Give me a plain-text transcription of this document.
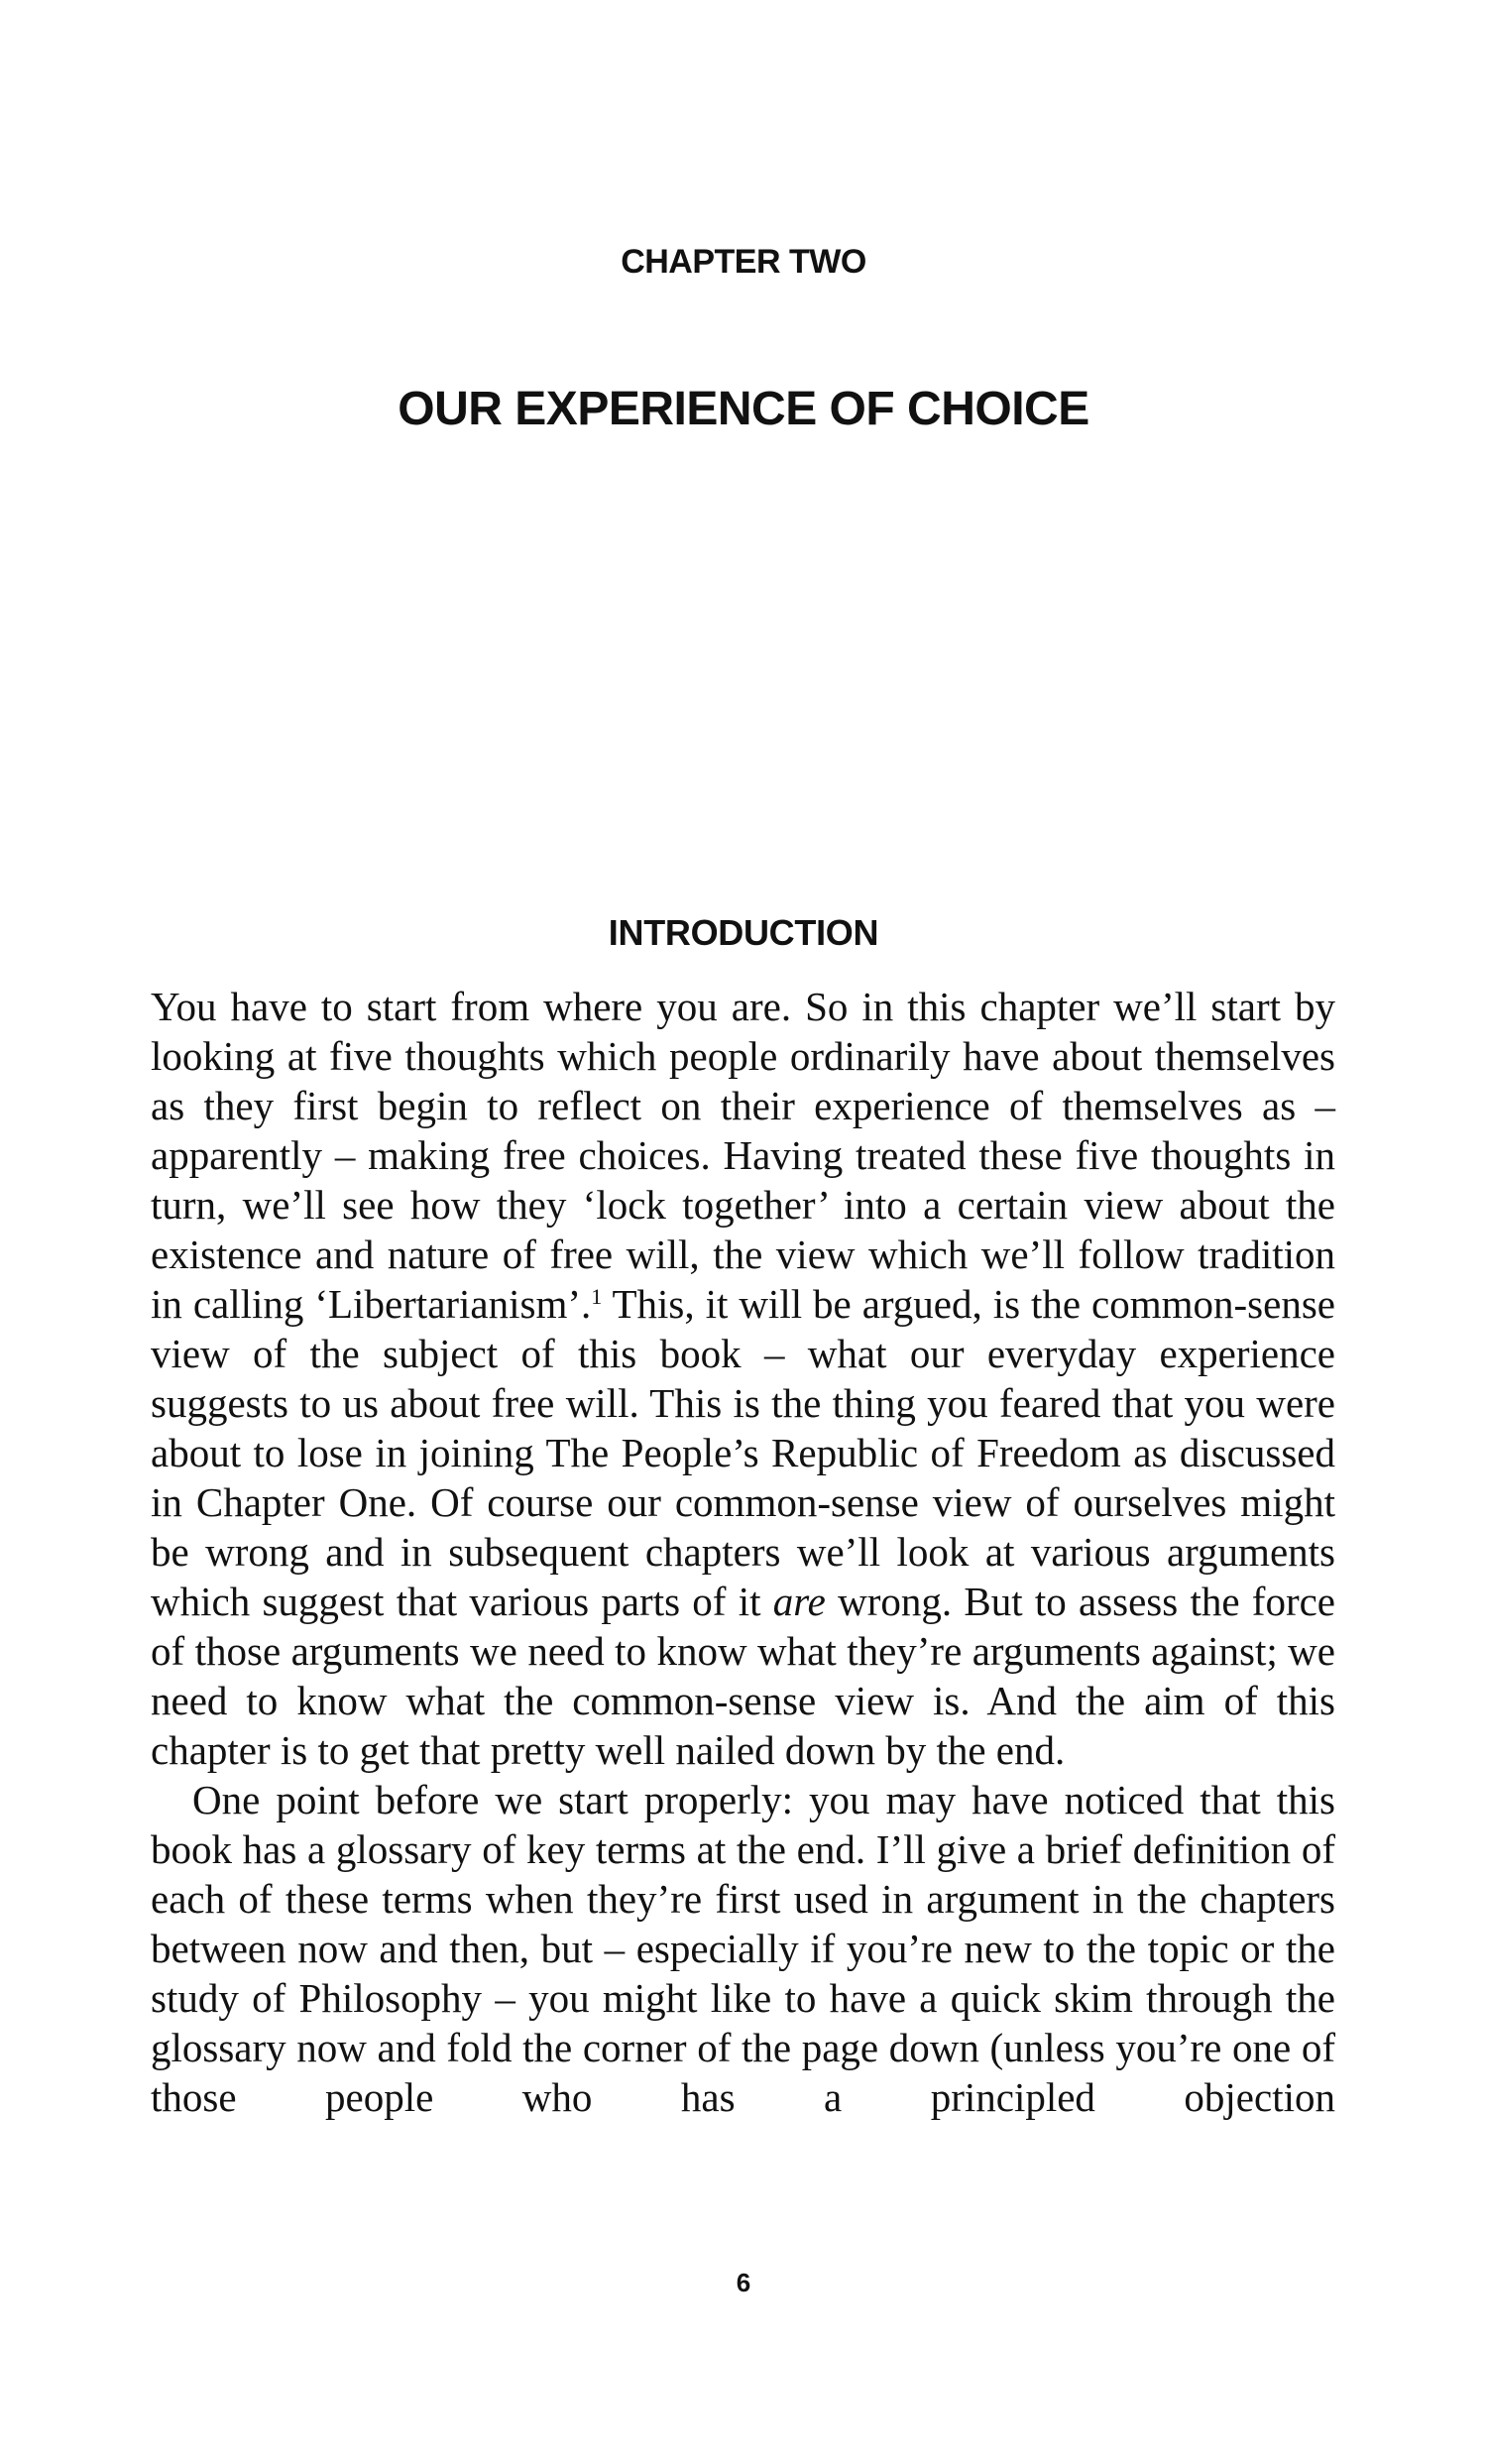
CHAPTER TWO
OUR EXPERIENCE OF CHOICE
INTRODUCTION

You have to start from where you are. So in this chapter we’ll start by looking at five thoughts which people ordinarily have about themselves as they first begin to reflect on their experience of themselves as – apparently – making free choices. Having treated these five thoughts in turn, we’ll see how they ‘lock together’ into a certain view about the existence and nature of free will, the view which we’ll follow tradition in calling ‘Libertarianism’.$^1$ This, it will be argued, is the common-sense view of the subject of this book – what our everyday experience suggests to us about free will. This is the thing you feared that you were about to lose in joining The People’s Republic of Freedom as discussed in Chapter One. Of course our common-sense view of ourselves might be wrong and in subsequent chapters we’ll look at various arguments which suggest that various parts of it are wrong. But to assess the force of those arguments we need to know what they’re arguments against; we need to know what the common-sense view is. And the aim of this chapter is to get that pretty well nailed down by the end.

One point before we start properly: you may have noticed that this book has a glossary of key terms at the end. I’ll give a brief definition of each of these terms when they’re first used in argument in the chapters between now and then, but – especially if you’re new to the topic or the study of Philosophy – you might like to have a quick skim through the glossary now and fold the corner of the page down (unless you’re one of those people who has a principled objection

6
